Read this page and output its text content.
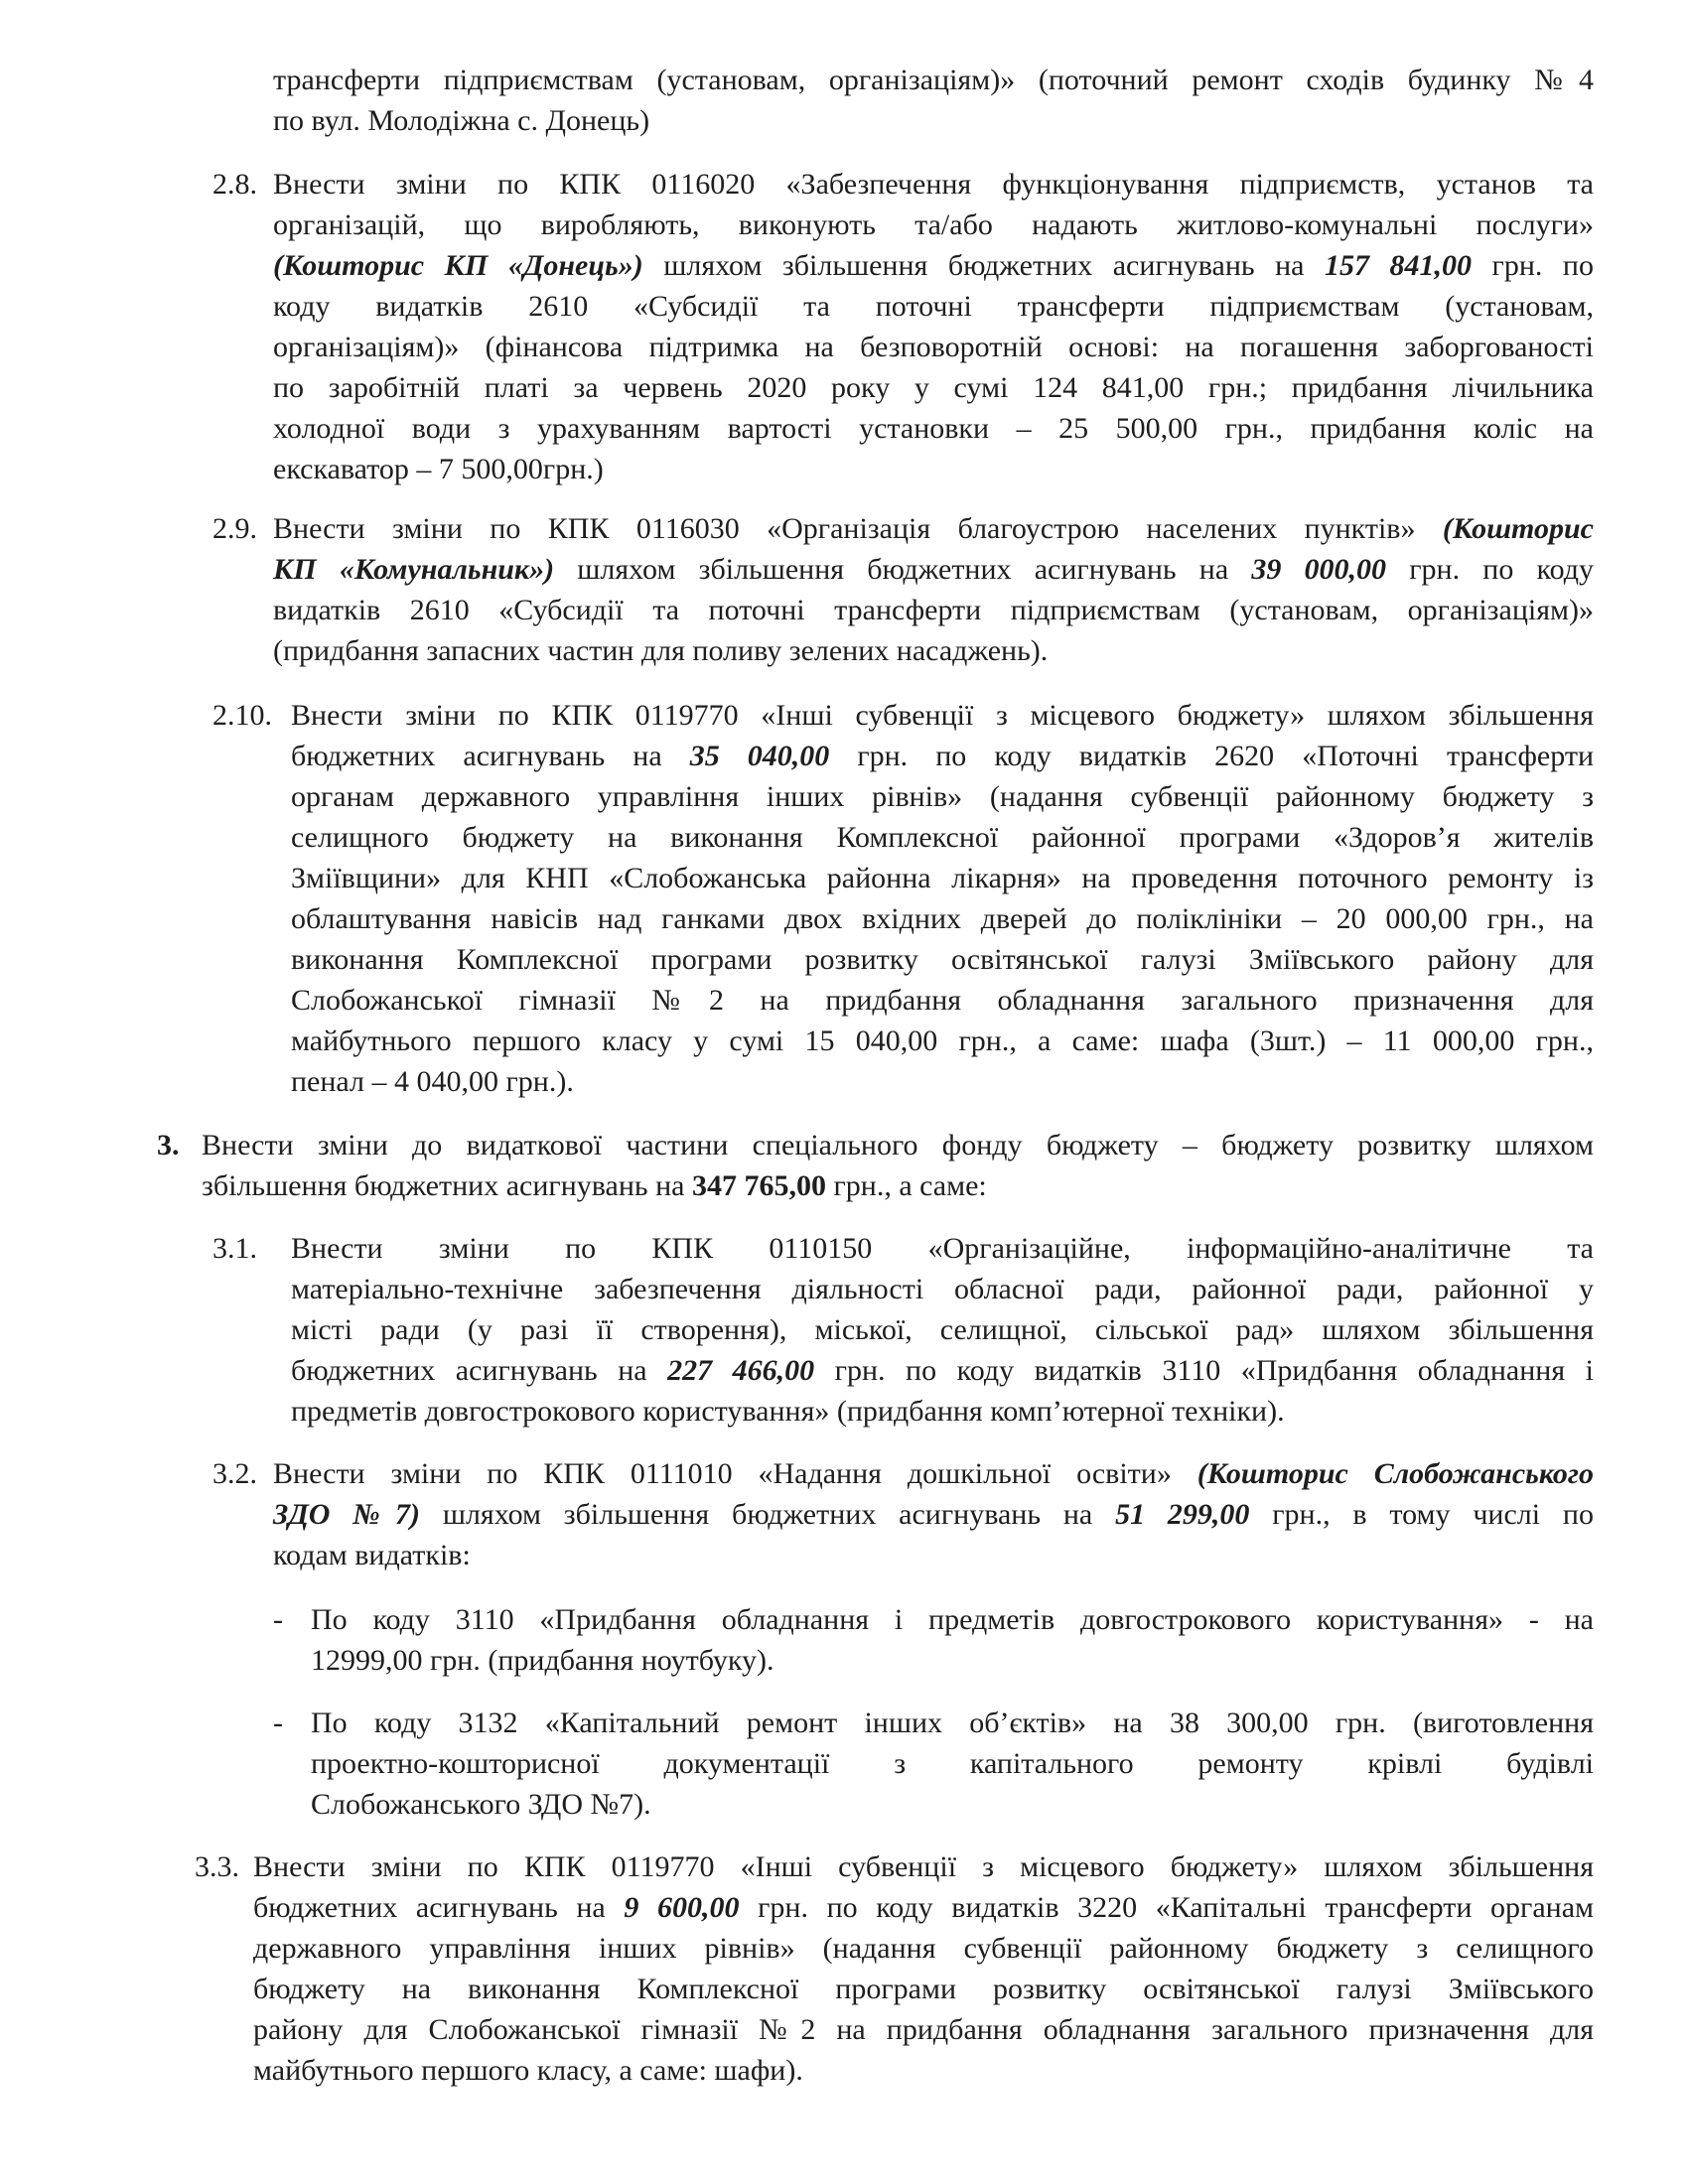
трансферти підприємствам (установам, організаціям)» (поточний ремонт сходів будинку №4
по вул. Молодіжна с. Донець)
2.8. Внести зміни по КПК 0116020 «Забезпечення функціонування підприємств, установ та
організацій, що виробляють, виконують та/або надають житлово-комунальні послуги»
(Кошторис КП «Донець») шляхом збільшення бюджетних асигнувань на 157 841,00 грн. по
коду видатків 2610 «Субсидії та поточні трансферти підприємствам (установам,
організаціям)» (фінансова підтримка на безповоротній основі: на погашення заборгованості
по заробітній платі за червень 2020 року у сумі 124 841,00 грн.; придбання лічильника
холодної води з урахуванням вартості установки – 25 500,00 грн., придбання коліс на
екскаватор – 7 500,00грн.)
2.9. Внести зміни по КПК 0116030 «Організація благоустрою населених пунктів» (Кошторис
КП «Комунальник») шляхом збільшення бюджетних асигнувань на 39 000,00 грн. по коду
видатків 2610 «Субсидії та поточні трансферти підприємствам (установам, організаціям)»
(придбання запасних частин для поливу зелених насаджень).
2.10. Внести зміни по КПК 0119770 «Інші субвенції з місцевого бюджету» шляхом збільшення
бюджетних асигнувань на 35 040,00 грн. по коду видатків 2620 «Поточні трансферти
органам державного управління інших рівнів» (надання субвенції районному бюджету з
селищного бюджету на виконання Комплексної районної програми «Здоров’я жителів
Зміївщини» для КНП «Слобожанська районна лікарня» на проведення поточного ремонту із
облаштування навісів над ганками двох вхідних дверей до поліклініки – 20 000,00 грн., на
виконання Комплексної програми розвитку освітянської галузі Зміївського району для
Слобожанської гімназії №2 на придбання обладнання загального призначення для
майбутнього першого класу у сумі 15 040,00 грн., а саме: шафа (3шт.) – 11 000,00 грн.,
пенал – 4 040,00 грн.).
3. Внести зміни до видаткової частини спеціального фонду бюджету – бюджету розвитку шляхом
збільшення бюджетних асигнувань на 347 765,00 грн., а саме:
3.1. Внести зміни по КПК 0110150 «Організаційне, інформаційно-аналітичне та
матеріально-технічне забезпечення діяльності обласної ради, районної ради, районної у
місті ради (у разі її створення), міської, селищної, сільської рад» шляхом збільшення
бюджетних асигнувань на 227 466,00 грн. по коду видатків 3110 «Придбання обладнання і
предметів довгострокового користування» (придбання комп’ютерної техніки).
3.2. Внести зміни по КПК 0111010 «Надання дошкільної освіти» (Кошторис Слобожанського
ЗДО №7) шляхом збільшення бюджетних асигнувань на 51 299,00 грн., в тому числі по
кодам видатків:
- По коду 3110 «Придбання обладнання і предметів довгострокового користування» - на
12999,00 грн. (придбання ноутбуку).
- По коду 3132 «Капітальний ремонт інших об’єктів» на 38 300,00 грн. (виготовлення
проектно-кошторисної документації з капітального ремонту крівлі будівлі
Слобожанського ЗДО №7).
3.3. Внести зміни по КПК 0119770 «Інші субвенції з місцевого бюджету» шляхом збільшення
бюджетних асигнувань на 9 600,00 грн. по коду видатків 3220 «Капітальні трансферти органам
державного управління інших рівнів» (надання субвенції районному бюджету з селищного
бюджету на виконання Комплексної програми розвитку освітянської галузі Зміївського
району для Слобожанської гімназії №2 на придбання обладнання загального призначення для
майбутнього першого класу, а саме: шафи).
